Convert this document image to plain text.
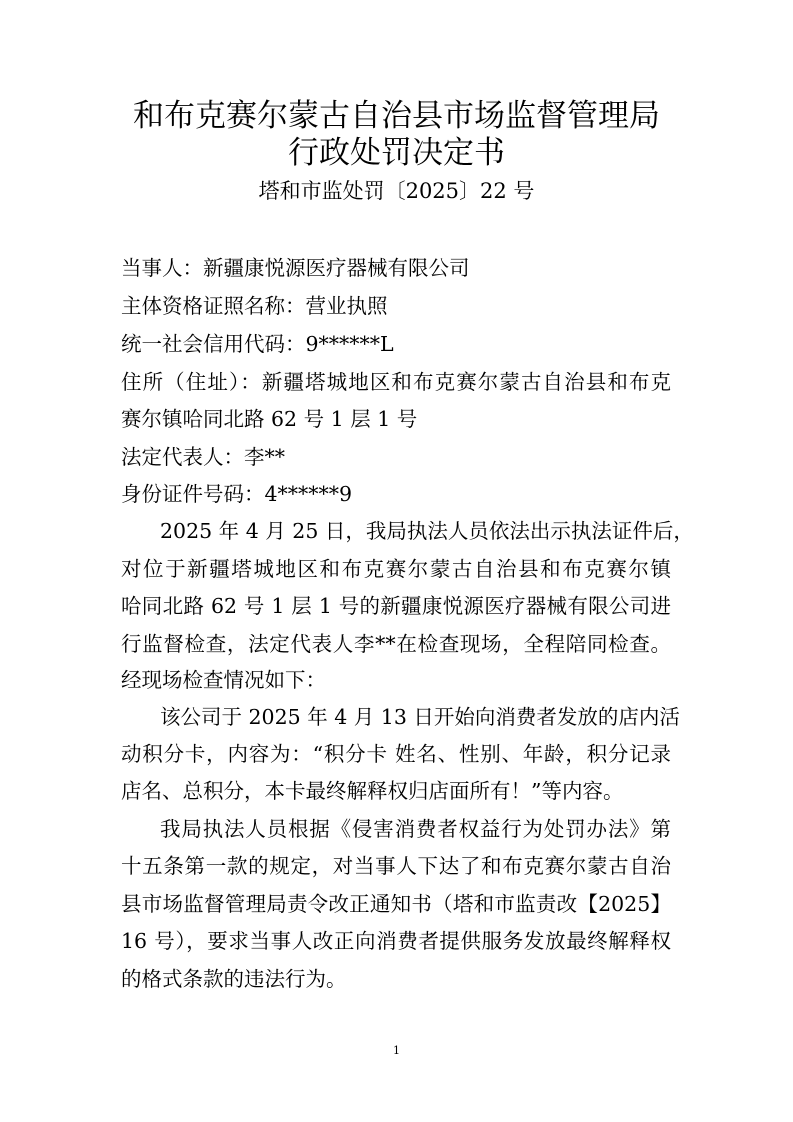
和布克赛尔蒙古自治县市场监督管理局
行政处罚决定书
塔和市监处罚〔2025〕22 号
当事人：新疆康悦源医疗器械有限公司
主体资格证照名称：营业执照
统一社会信用代码：9******L
住所（住址）：新疆塔城地区和布克赛尔蒙古自治县和布克
赛尔镇哈同北路 62 号 1 层 1 号
法定代表人：李**
身份证件号码：4******9
2025 年 4 月 25 日，我局执法人员依法出示执法证件后，
对位于新疆塔城地区和布克赛尔蒙古自治县和布克赛尔镇
哈同北路 62 号 1 层 1 号的新疆康悦源医疗器械有限公司进
行监督检查，法定代表人李**在检查现场，全程陪同检查。
经现场检查情况如下：
该公司于 2025 年 4 月 13 日开始向消费者发放的店内活
动积分卡，内容为：“积分卡 姓名、性别、年龄，积分记录
店名、总积分，本卡最终解释权归店面所有！”等内容。
我局执法人员根据《侵害消费者权益行为处罚办法》第
十五条第一款的规定，对当事人下达了和布克赛尔蒙古自治
县市场监督管理局责令改正通知书（塔和市监责改【2025】
16 号），要求当事人改正向消费者提供服务发放最终解释权
的格式条款的违法行为。
1
